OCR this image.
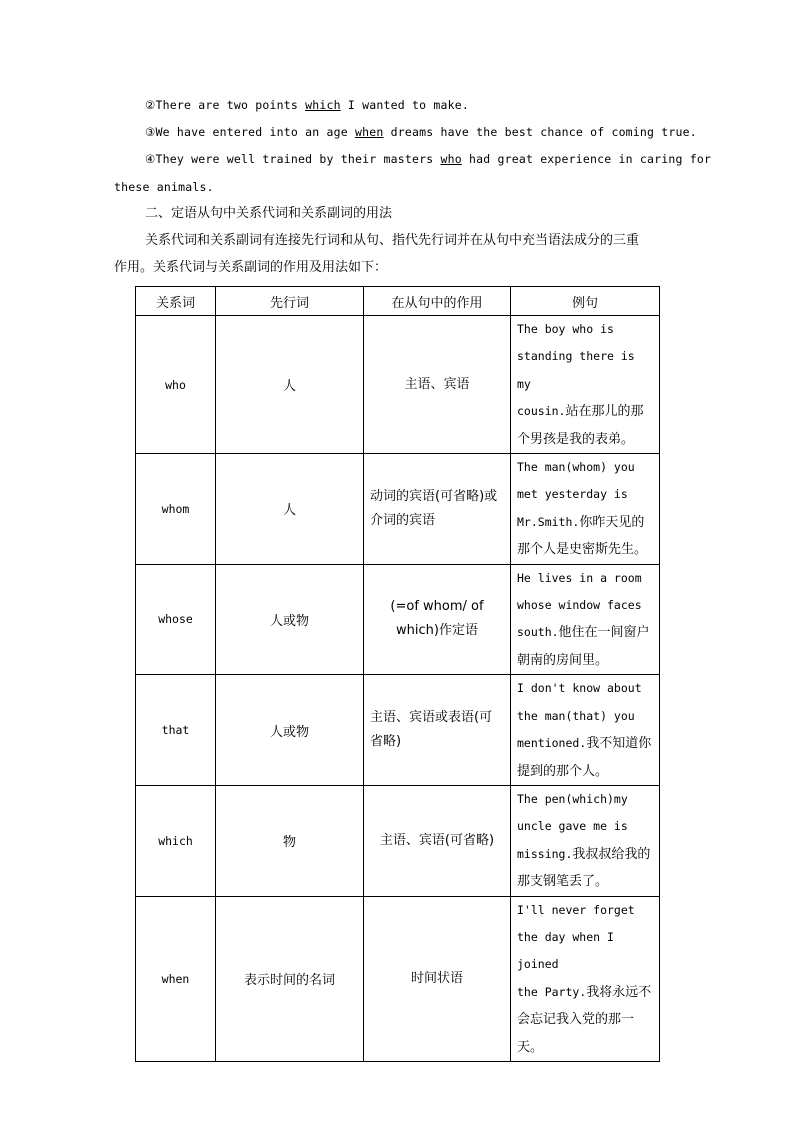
②There are two points which I wanted to make.
③We have entered into an age when dreams have the best chance of coming true.
④They were well trained by their masters who had great experience in caring for
these animals.
二、定语从句中关系代词和关系副词的用法
关系代词和关系副词有连接先行词和从句、指代先行词并在从句中充当语法成分的三重
作用。关系代词与关系副词的作用及用法如下：
关系词	先行词	在从句中的作用	例句
who	人	主语、宾语	The boy who is
standing there is my
cousin.站在那儿的那个男孩是我的表弟。
whom	人	动词的宾语(可省略)或介词的宾语	The man(whom) you
met yesterday is
Mr.Smith.你昨天见的那个人是史密斯先生。
whose	人或物	(=of whom/ of which)作定语	He lives in a room
whose window faces
south.他住在一间窗户朝南的房间里。
that	人或物	主语、宾语或表语(可省略)	I don't know about
the man(that) you
mentioned.我不知道你提到的那个人。
which	物	主语、宾语(可省略)	The pen(which)my
uncle gave me is
missing.我叔叔给我的那支钢笔丢了。
when	表示时间的名词	时间状语	I'll never forget
the day when I joined
the Party.我将永远不会忘记我入党的那一天。
